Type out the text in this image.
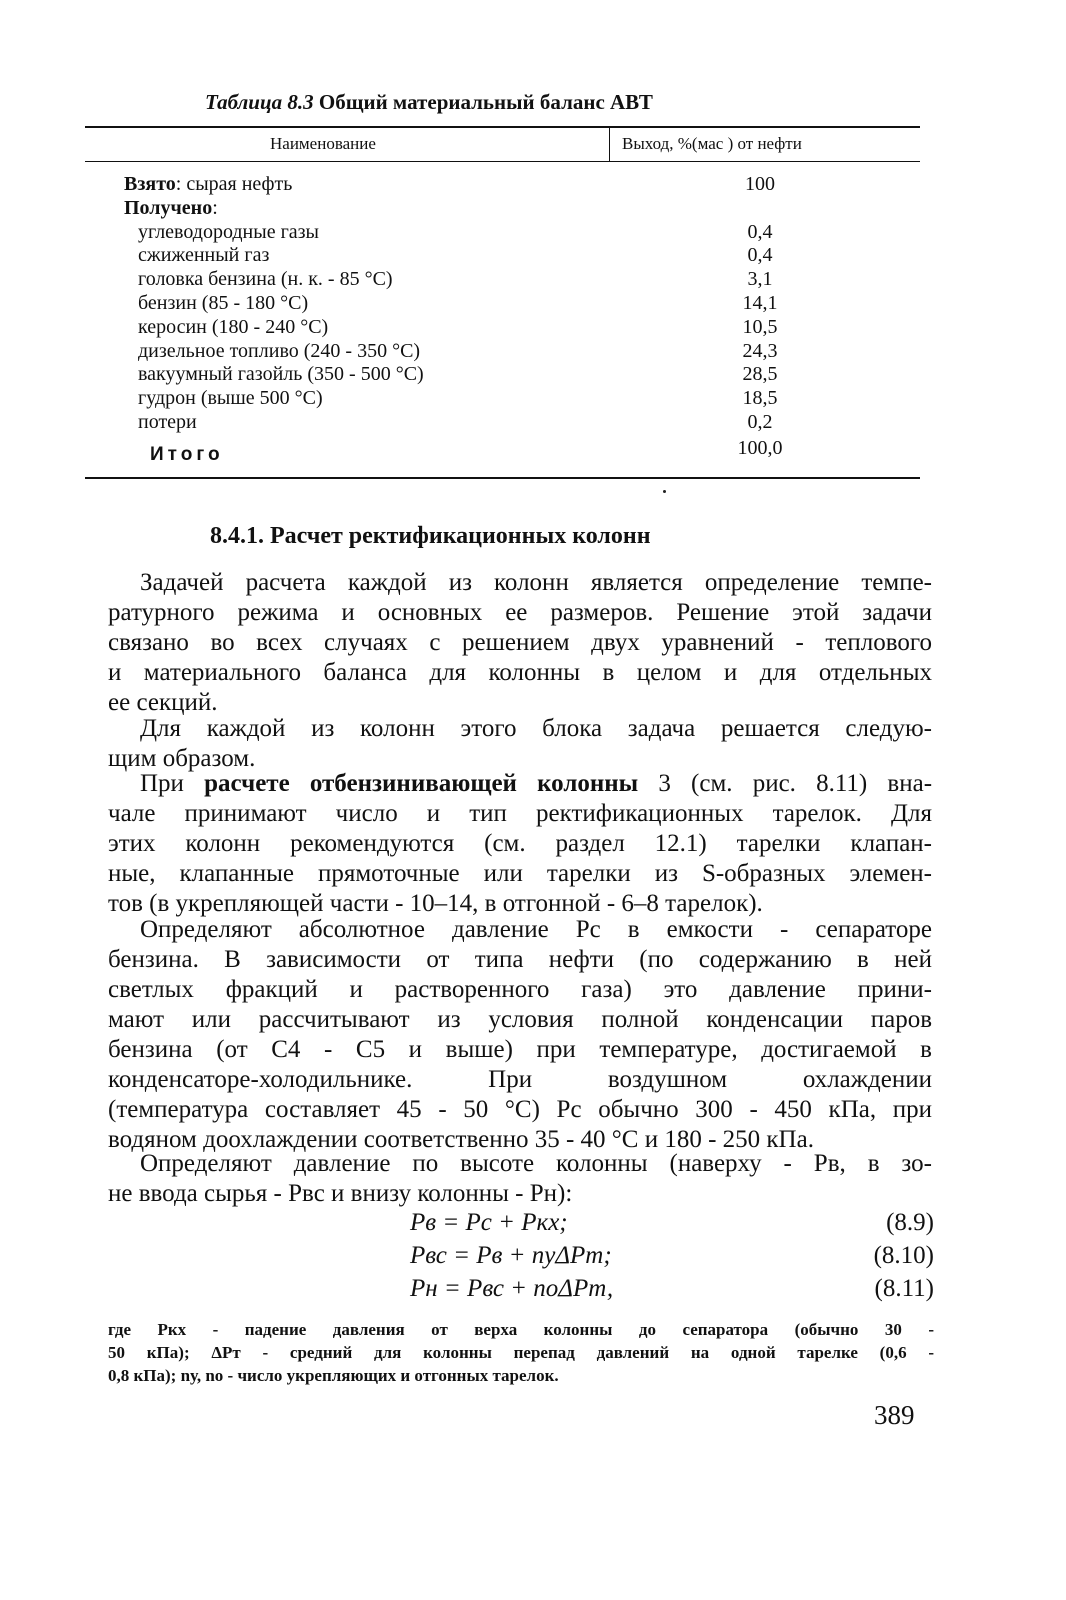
Таблица 8.3 Общий материальный баланс АВТ
Наименование	Выход, %(мас ) от нефти
Взято: сырая нефть	100
Получено:
углеводородные газы	0,4
сжиженный газ	0,4
головка бензина (н. к. - 85 °C)	3,1
бензин (85 - 180 °C)	14,1
керосин (180 - 240 °C)	10,5
дизельное топливо (240 - 350 °C)	24,3
вакуумный газойль (350 - 500 °C)	28,5
гудрон (выше 500 °C)	18,5
потери	0,2
Итого	100,0
8.4.1. Расчет ректификационных колонн
Задачей расчета каждой из колонн является определение темпе-
ратурного режима и основных ее размеров. Решение этой задачи
связано во всех случаях с решением двух уравнений - теплового
и материального баланса для колонны в целом и для отдельных
ее секций.
Для каждой из колонн этого блока задача решается следую-
щим образом.
При расчете отбензинивающей колонны 3 (см. рис. 8.11) вна-
чале принимают число и тип ректификационных тарелок. Для
этих колонн рекомендуются (см. раздел 12.1) тарелки клапан-
ные, клапанные прямоточные или тарелки из S-образных элемен-
тов (в укрепляющей части - 10–14, в отгонной - 6–8 тарелок).
Определяют абсолютное давление Pс в емкости - сепараторе
бензина. В зависимости от типа нефти (по содержанию в ней
светлых фракций и растворенного газа) это давление прини-
мают или рассчитывают из условия полной конденсации паров
бензина (от C4 - C5 и выше) при температуре, достигаемой в
конденсаторе-холодильнике. При воздушном охлаждении
(температура составляет 45 - 50 °C) Pс обычно 300 - 450 кПа, при
водяном доохлаждении соответственно 35 - 40 °C и 180 - 250 кПа.
Определяют давление по высоте колонны (наверху - Pв, в зо-
не ввода сырья - Pвс и внизу колонны - Pн):
Pв = Pс + Pкх;	(8.9)
Pвс = Pв + nуΔPт;	(8.10)
Pн = Pвс + nоΔPт,	(8.11)
где Pкх - падение давления от верха колонны до сепаратора (обычно 30 -
50 кПа); ΔPт - средний для колонны перепад давлений на одной тарелке (0,6 -
0,8 кПа); nу, nо - число укрепляющих и отгонных тарелок.
389
